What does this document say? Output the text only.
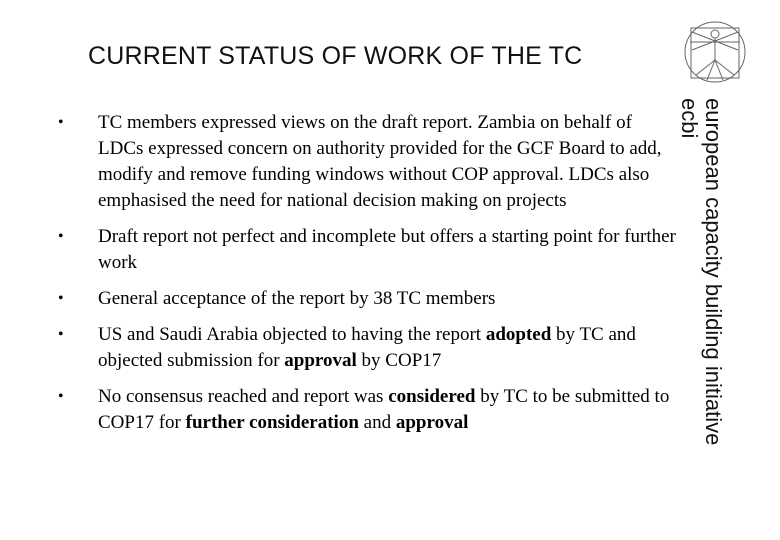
CURRENT STATUS OF WORK OF THE TC
• TC members expressed views on the draft report. Zambia on behalf of LDCs expressed concern on authority provided for the GCF Board to add, modify and remove funding windows without COP approval. LDCs also emphasised the need for national decision making on projects
• Draft report not perfect and incomplete but offers a starting point for further work
• General acceptance of the report by 38 TC members
• US and Saudi Arabia objected to having the report adopted by TC and objected submission for approval by COP17
• No consensus reached and report was considered by TC to be submitted to COP17 for further consideration and approval	european capacity building initiative
ecbi
